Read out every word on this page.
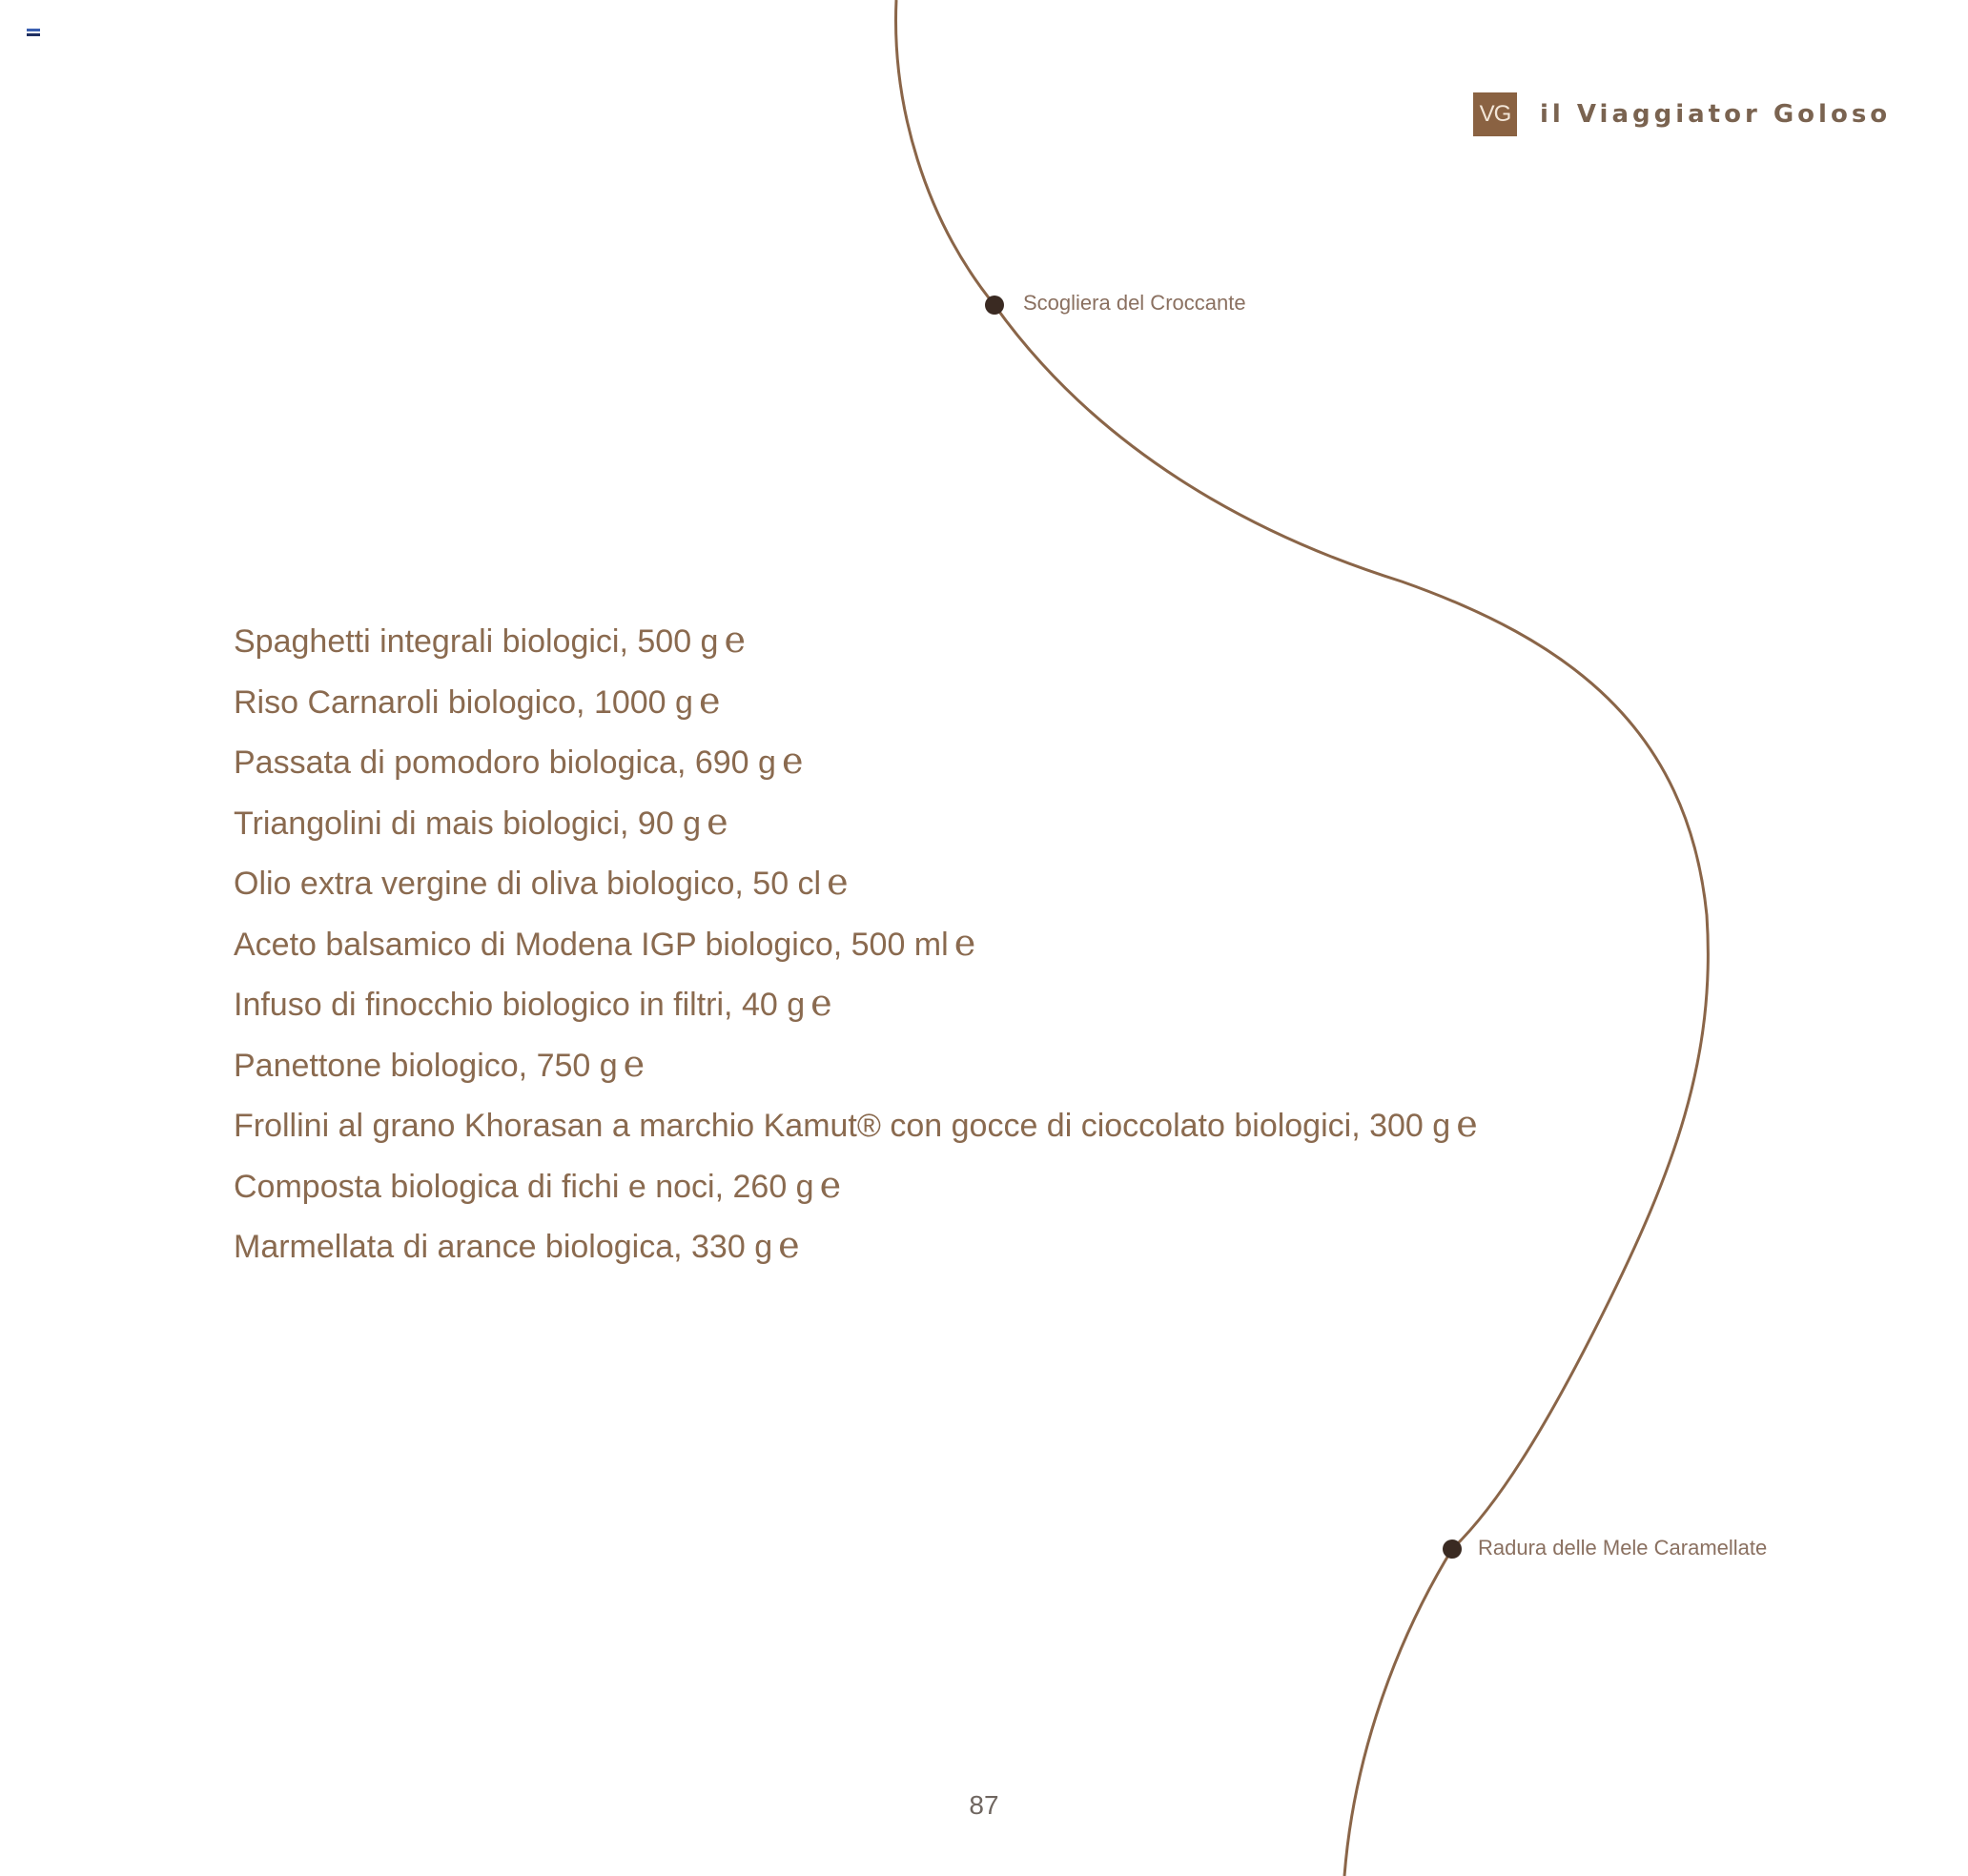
VG il Viaggiator Goloso
Scogliera del Croccante
Radura delle Mele Caramellate
Spaghetti integrali biologici, 500 g e
Riso Carnaroli biologico, 1000 g e
Passata di pomodoro biologica, 690 g e
Triangolini di mais biologici, 90 g e
Olio extra vergine di oliva biologico, 50 cl e
Aceto balsamico di Modena IGP biologico, 500 ml e
Infuso di finocchio biologico in filtri, 40 g e
Panettone biologico, 750 g e
Frollini al grano Khorasan a marchio Kamut® con gocce di cioccolato biologici, 300 g e
Composta biologica di fichi e noci, 260 g e
Marmellata di arance biologica, 330 g e
87
